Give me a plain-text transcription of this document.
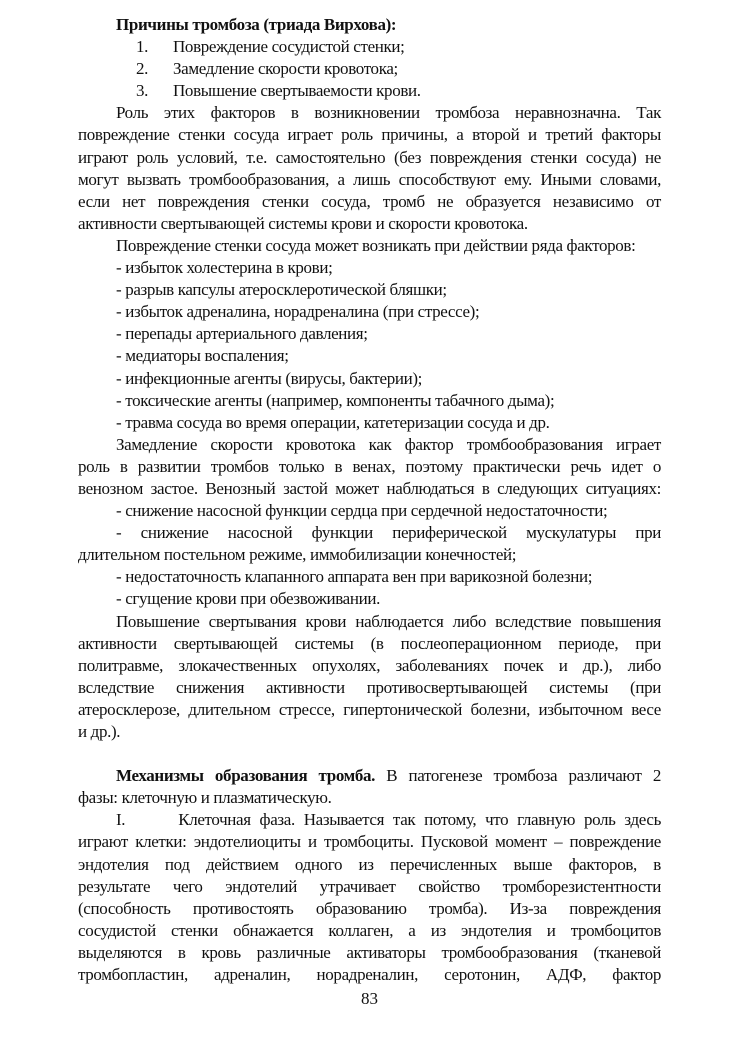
Причины тромбоза (триада Вирхова):
1. Повреждение сосудистой стенки;
2. Замедление скорости кровотока;
3. Повышение свертываемости крови.
Роль этих факторов в возникновении тромбоза неравнозначна. Так
повреждение стенки сосуда играет роль причины, а второй и третий факторы
играют роль условий, т.е. самостоятельно (без повреждения стенки сосуда) не
могут вызвать тромбообразования, а лишь способствуют ему. Иными словами,
если нет повреждения стенки сосуда, тромб не образуется независимо от
активности свертывающей системы крови и скорости кровотока.
Повреждение стенки сосуда может возникать при действии ряда факторов:
- избыток холестерина в крови;
- разрыв капсулы атеросклеротической бляшки;
- избыток адреналина, норадреналина (при стрессе);
- перепады артериального давления;
- медиаторы воспаления;
- инфекционные агенты (вирусы, бактерии);
- токсические агенты (например, компоненты табачного дыма);
- травма сосуда во время операции, катетеризации сосуда и др.
Замедление скорости кровотока как фактор тромбообразования играет
роль в развитии тромбов только в венах, поэтому практически речь идет о
венозном застое. Венозный застой может наблюдаться в следующих ситуациях:
- снижение насосной функции сердца при сердечной недостаточности;
- снижение насосной функции периферической мускулатуры при
длительном постельном режиме, иммобилизации конечностей;
- недостаточность клапанного аппарата вен при варикозной болезни;
- сгущение крови при обезвоживании.
Повышение свертывания крови наблюдается либо вследствие повышения
активности свертывающей системы (в послеоперационном периоде, при
политравме, злокачественных опухолях, заболеваниях почек и др.), либо
вследствие снижения активности противосвертывающей системы (при
атеросклерозе, длительном стрессе, гипертонической болезни, избыточном весе
и др.).
Механизмы образования тромба. В патогенезе тромбоза различают 2
фазы: клеточную и плазматическую.
I.      Клеточная фаза. Называется так потому, что главную роль здесь
играют клетки: эндотелиоциты и тромбоциты. Пусковой момент – повреждение
эндотелия под действием одного из перечисленных выше факторов, в
результате чего эндотелий утрачивает свойство тромборезистентности
(способность противостоять образованию тромба). Из-за повреждения
сосудистой стенки обнажается коллаген, а из эндотелия и тромбоцитов
выделяются в кровь различные активаторы тромбообразования (тканевой
тромбопластин, адреналин, норадреналин, серотонин, АДФ, фактор
83
